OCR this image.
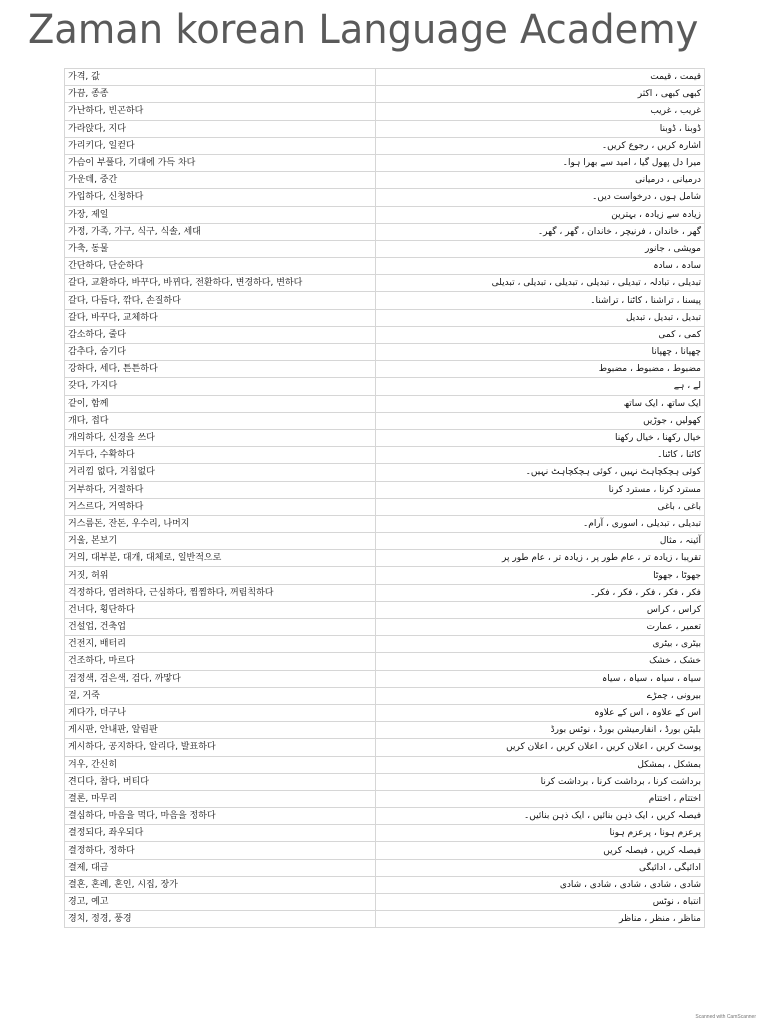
Zaman korean Language Academy
가격, 값	قیمت ، قیمت
가끔, 종종	کبھی کبھی ، اکثر
가난하다, 빈곤하다	غریب ، غریب
가라앉다, 지다	ڈوبنا ، ڈوبنا
가리키다, 일컫다	اشارہ کریں ، رجوع کریں۔
가슴이 부풀다, 기대에 가득 차다	میرا دل پھول گیا ، امید سے بھرا ہوا۔
가운데, 중간	درمیانی ، درمیانی
가입하다, 신청하다	شامل ہوں ، درخواست دیں۔
가장, 제일	زیادہ سے زیادہ ، بہترین
가정, 가족, 가구, 식구, 식솔, 세대	گھر ، خاندان ، فرنیچر ، خاندان ، گھر ، گھر۔
가축, 동물	مویشی ، جانور
간단하다, 단순하다	سادہ ، سادہ
갈다, 교환하다, 바꾸다, 바뀌다, 전환하다, 변경하다, 변하다	تبدیلی ، تبادلہ ، تبدیلی ، تبدیلی ، تبدیلی ، تبدیلی ، تبدیلی
갈다, 다듬다, 깎다, 손질하다	پیسنا ، تراشنا ، کاٹنا ، تراشنا۔
갈다, 바꾸다, 교체하다	تبدیل ، تبدیل ، تبدیل
감소하다, 줄다	کمی ، کمی
감추다, 숨기다	چھپانا ، چھپانا
강하다, 세다, 튼튼하다	مضبوط ، مضبوط ، مضبوط
갖다, 가지다	لے ، ہے
같이, 함께	ایک ساتھ ، ایک ساتھ
개다, 접다	کھولیں ، جوڑیں
개의하다, 신경을 쓰다	خیال رکھنا ، خیال رکھنا
거두다, 수확하다	کاٹنا ، کاٹنا۔
거리낌 없다, 거침없다	کوئی ہچکچاہٹ نہیں ، کوئی ہچکچاہٹ نہیں۔
거부하다, 거절하다	مسترد کرنا ، مسترد کرنا
거스르다, 거역하다	باغی ، باغی
거스름돈, 잔돈, 우수리, 나머지	تبدیلی ، تبدیلی ، اسوری ، آرام۔
거울, 본보기	آئینہ ، مثال
거의, 대부분, 대개, 대체로, 일반적으로	تقریبا ، زیادہ تر ، عام طور پر ، زیادہ تر ، عام طور پر
거짓, 허위	جھوٹا ، جھوٹا
걱정하다, 염려하다, 근심하다, 찜찜하다, 꺼림칙하다	فکر ، فکر ، فکر ، فکر ، فکر۔
건너다, 횡단하다	کراس ، کراس
건설업, 건축업	تعمیر ، عمارت
건전지, 배터리	بیٹری ، بیٹری
건조하다, 마르다	خشک ، خشک
검정색, 검은색, 검다, 까맣다	سیاہ ، سیاہ ، سیاہ ، سیاہ
겉, 거죽	بیرونی ، چمڑے
게다가, 더구나	اس کے علاوہ ، اس کے علاوہ
게시판, 안내판, 알림판	بلیٹن بورڈ ، انفارمیشن بورڈ ، نوٹس بورڈ
게시하다, 공지하다, 알리다, 발표하다	پوسٹ کریں ، اعلان کریں ، اعلان کریں ، اعلان کریں
겨우, 간신히	بمشکل ، بمشکل
견디다, 참다, 버티다	برداشت کرنا ، برداشت کرنا ، برداشت کرنا
결론, 마무리	اختتام ، اختتام
결심하다, 마음을 먹다, 마음을 정하다	فیصلہ کریں ، ایک ذہن بنائیں ، ایک ذہن بنائیں۔
결정되다, 좌우되다	پرعزم ہونا ، پرعزم ہونا
결정하다, 정하다	فیصلہ کریں ، فیصلہ کریں
결제, 대금	ادائیگی ، ادائیگی
결혼, 혼례, 혼인, 시집, 장가	شادی ، شادی ، شادی ، شادی ، شادی
경고, 예고	انتباہ ، نوٹس
경치, 정경, 풍경	مناظر ، منظر ، مناظر
Scanned with CamScanner
